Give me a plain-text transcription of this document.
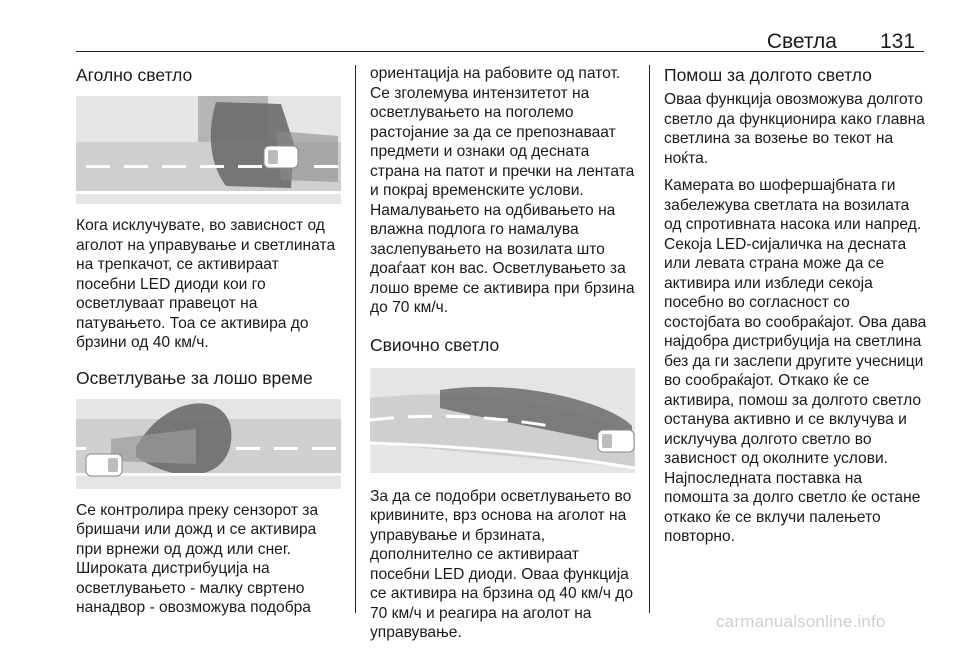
Светла 131
Аголно светло

Кога исклучувате, во зависност од аголот на управување и светлината на трепкачот, се активираат посебни LED диоди кои го осветлуваат правецот на патувањето. Тоа се активира до брзини од 40 км/ч.

Осветлување за лошо време

Се контролира преку сензорот за бришачи или дожд и се активира при врнежи од дожд или снег. Широката дистрибуција на осветлувањето - малку свртено нанадвор - овозможува подобра

ориентација на рабовите од патот. Се зголемува интензитетот на осветлувањето на поголемо растојание за да се препознаваат предмети и ознаки од десната страна на патот и пречки на лентата и покрај временските услови. Намалувањето на одбивањето на влажна подлога го намалува заслепувањето на возилата што доаѓаат кон вас. Осветлувањето за лошо време се активира при брзина до 70 км/ч.

Свиочно светло

За да се подобри осветлувањето во кривините, врз основа на аголот на управување и брзината, дополнително се активираат посебни LED диоди. Оваа функција се активира на брзина од 40 км/ч до 70 км/ч и реагира на аголот на управување.

Помош за долгото светло

Оваа функција овозможува долгото светло да функционира како главна светлина за возење во текот на ноќта.

Камерата во шофершајбната ги забележува светлата на возилата од спротивната насока или напред. Секоја LED-сијаличка на десната или левата страна може да се активира или избледи секоја посебно во согласност со состојбата во сообраќајот. Ова дава најдобра дистрибуција на светлина без да ги заслепи другите учесници во сообраќајот. Откако ќе се активира, помош за долгото светло останува активно и се вклучува и исклучува долгото светло во зависност од околните услови. Најпоследната поставка на помошта за долго светло ќе остане откако ќе се вклучи палењето повторно.

carmanualsonline.info
